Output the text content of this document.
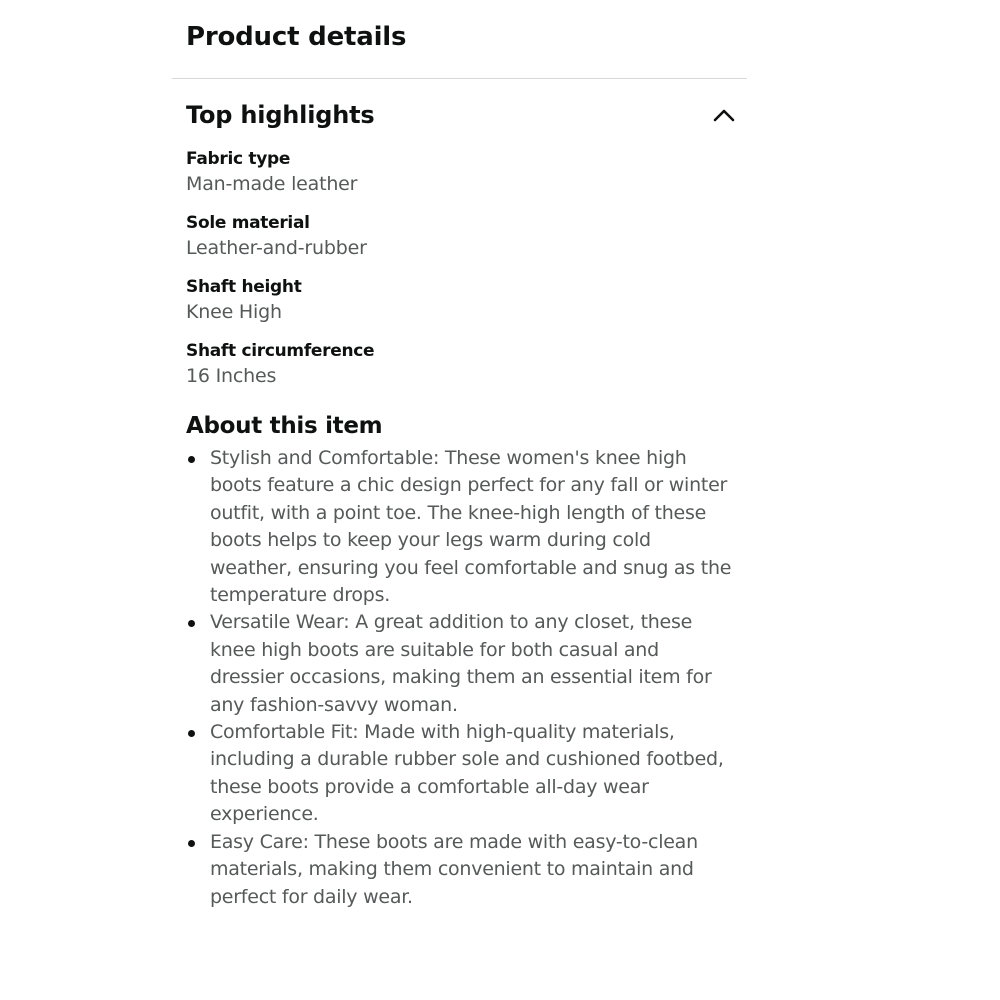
Product details
Top highlights
Fabric type
Man-made leather
Sole material
Leather-and-rubber
Shaft height
Knee High
Shaft circumference
16 Inches
About this item
Stylish and Comfortable: These women's knee high boots feature a chic design perfect for any fall or winter outfit, with a point toe. The knee-high length of these boots helps to keep your legs warm during cold weather, ensuring you feel comfortable and snug as the temperature drops.
Versatile Wear: A great addition to any closet, these knee high boots are suitable for both casual and dressier occasions, making them an essential item for any fashion-savvy woman.
Comfortable Fit: Made with high-quality materials, including a durable rubber sole and cushioned footbed, these boots provide a comfortable all-day wear experience.
Easy Care: These boots are made with easy-to-clean materials, making them convenient to maintain and perfect for daily wear.
